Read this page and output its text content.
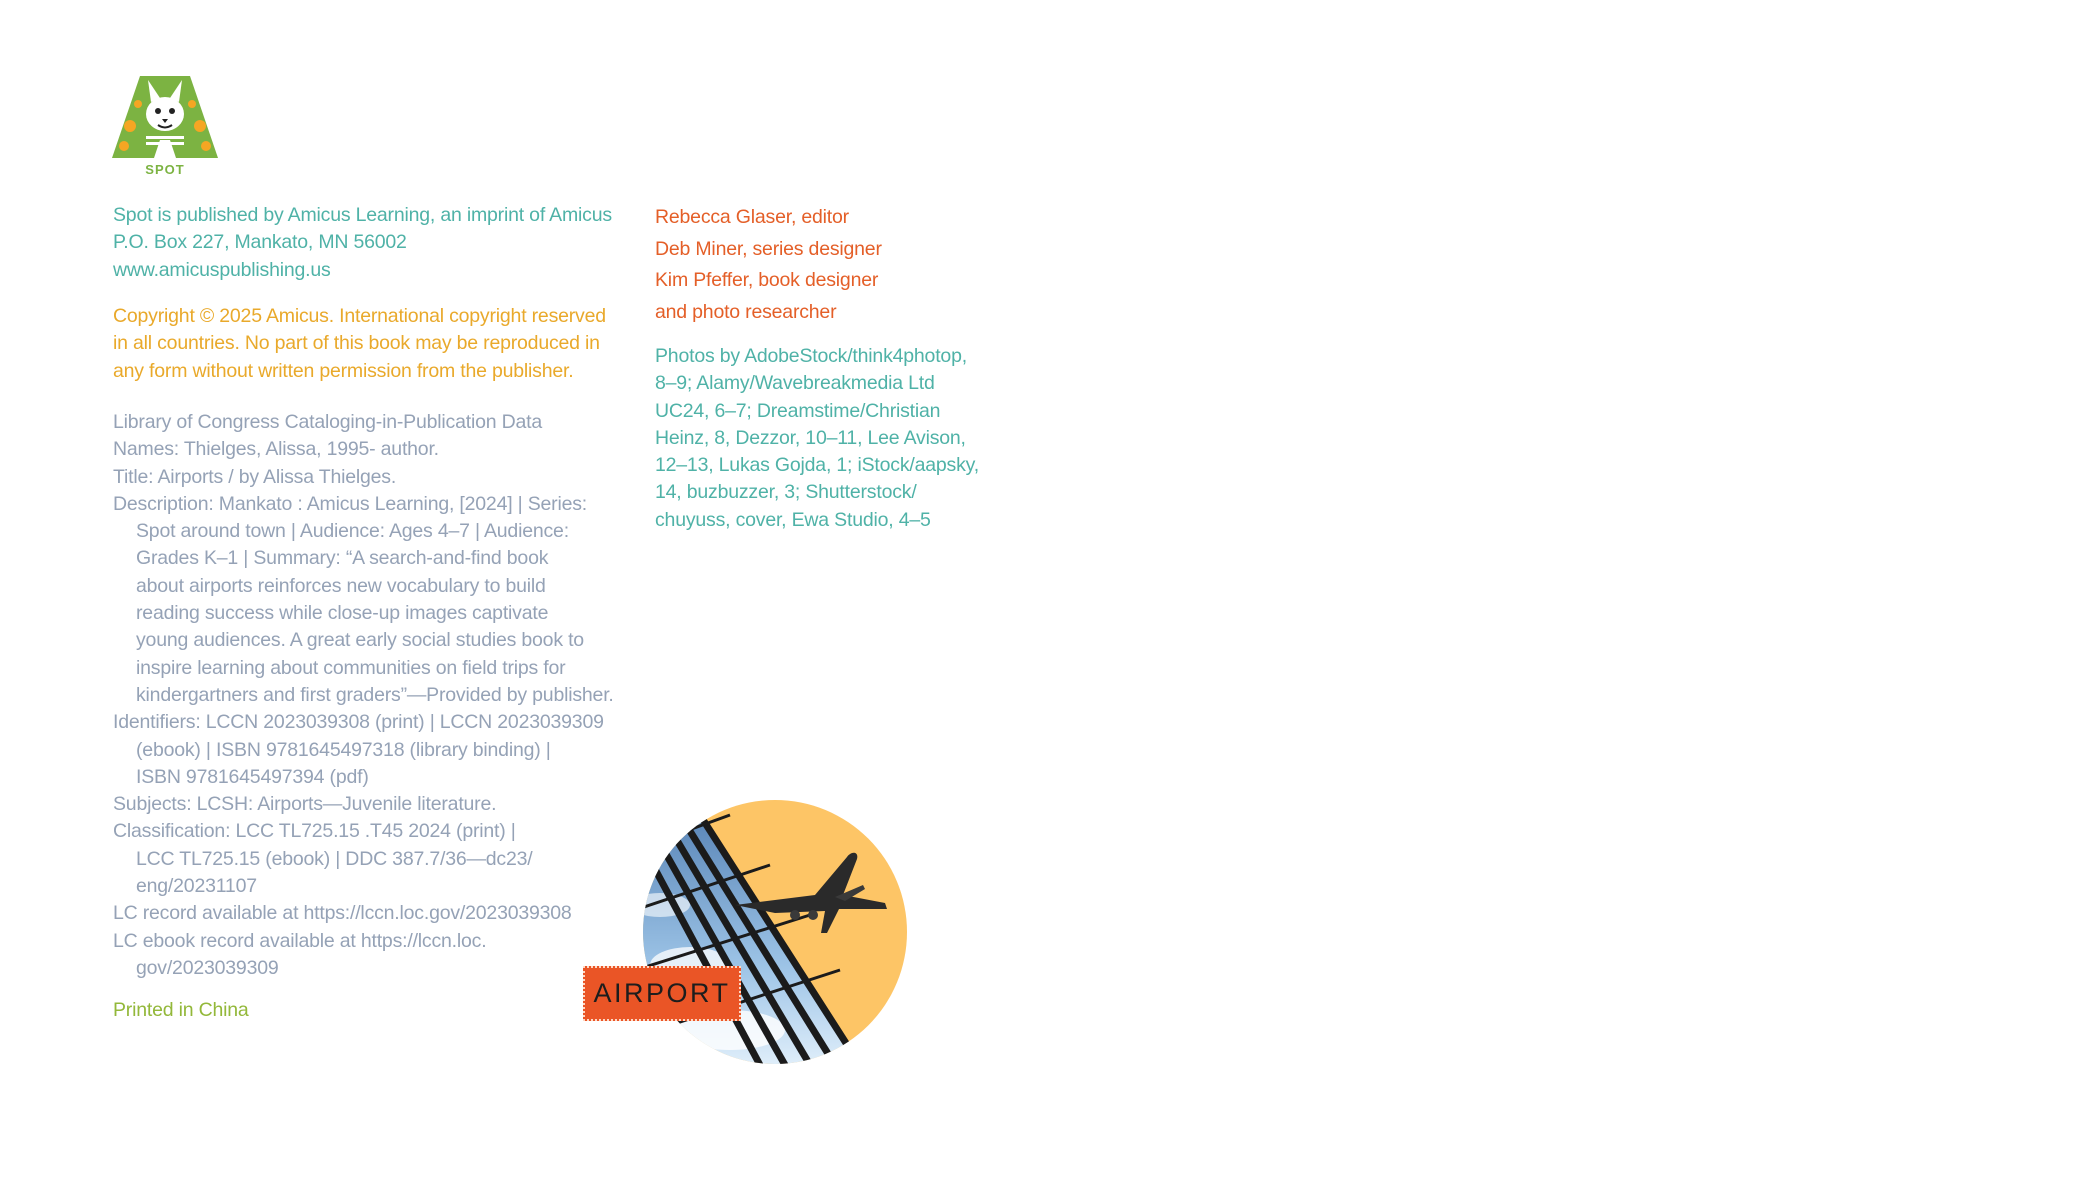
SPOT
Spot is published by Amicus Learning, an imprint of Amicus
P.O. Box 227, Mankato, MN 56002
www.amicuspublishing.us
Copyright © 2025 Amicus. International copyright reserved
in all countries. No part of this book may be reproduced in
any form without written permission from the publisher.
Library of Congress Cataloging-in-Publication Data
Names: Thielges, Alissa, 1995- author.
Title: Airports / by Alissa Thielges.
Description: Mankato : Amicus Learning, [2024] | Series:
Spot around town | Audience: Ages 4–7 | Audience:
Grades K–1 | Summary: “A search-and-find book
about airports reinforces new vocabulary to build
reading success while close-up images captivate
young audiences. A great early social studies book to
inspire learning about communities on field trips for
kindergartners and first graders”—Provided by publisher.
Identifiers: LCCN 2023039308 (print) | LCCN 2023039309
(ebook) | ISBN 9781645497318 (library binding) |
ISBN 9781645497394 (pdf)
Subjects: LCSH: Airports—Juvenile literature.
Classification: LCC TL725.15 .T45 2024 (print) |
LCC TL725.15 (ebook) | DDC 387.7/36—dc23/
eng/20231107
LC record available at https://lccn.loc.gov/2023039308
LC ebook record available at https://lccn.loc.
gov/2023039309
Printed in China
Rebecca Glaser, editor
Deb Miner, series designer
Kim Pfeffer, book designer
and photo researcher
Photos by AdobeStock/think4photop,
8–9; Alamy/Wavebreakmedia Ltd
UC24, 6–7; Dreamstime/Christian
Heinz, 8, Dezzor, 10–11, Lee Avison,
12–13, Lukas Gojda, 1; iStock/aapsky,
14, buzbuzzer, 3; Shutterstock/
chuyuss, cover, Ewa Studio, 4–5
AIRPORT
